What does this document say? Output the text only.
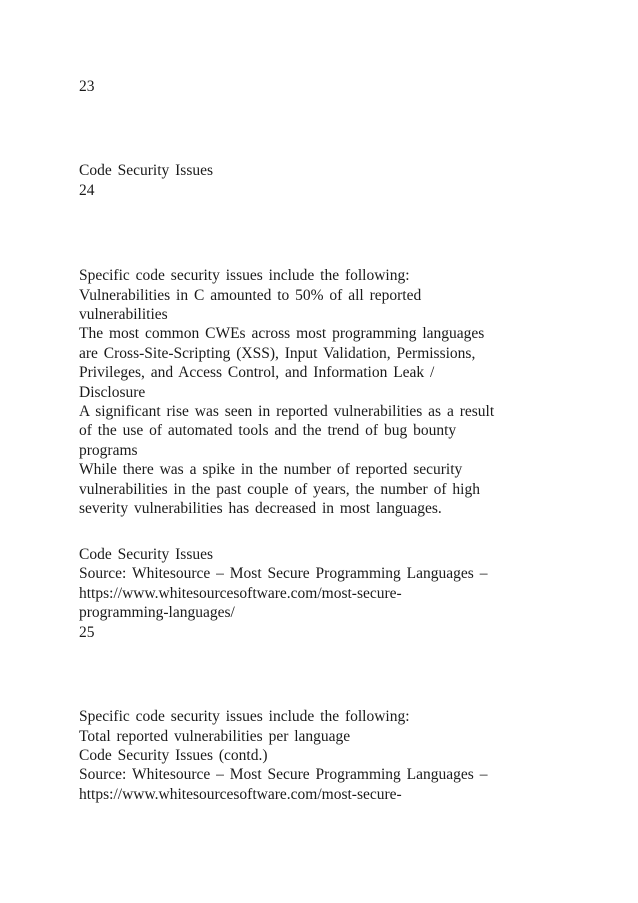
23

Code Security Issues

24

Specific code security issues include the following:

Vulnerabilities in C amounted to 50% of all reported

vulnerabilities

The most common CWEs across most programming languages

are Cross-Site-Scripting (XSS), Input Validation, Permissions,

Privileges, and Access Control, and Information Leak /

Disclosure

A significant rise was seen in reported vulnerabilities as a result

of the use of automated tools and the trend of bug bounty

programs

While there was a spike in the number of reported security

vulnerabilities in the past couple of years, the number of high

severity vulnerabilities has decreased in most languages.

Code Security Issues

Source: Whitesource – Most Secure Programming Languages –

https://www.whitesourcesoftware.com/most-secure-

programming-languages/

25

Specific code security issues include the following:

Total reported vulnerabilities per language

Code Security Issues (contd.)

Source: Whitesource – Most Secure Programming Languages –

https://www.whitesourcesoftware.com/most-secure-
